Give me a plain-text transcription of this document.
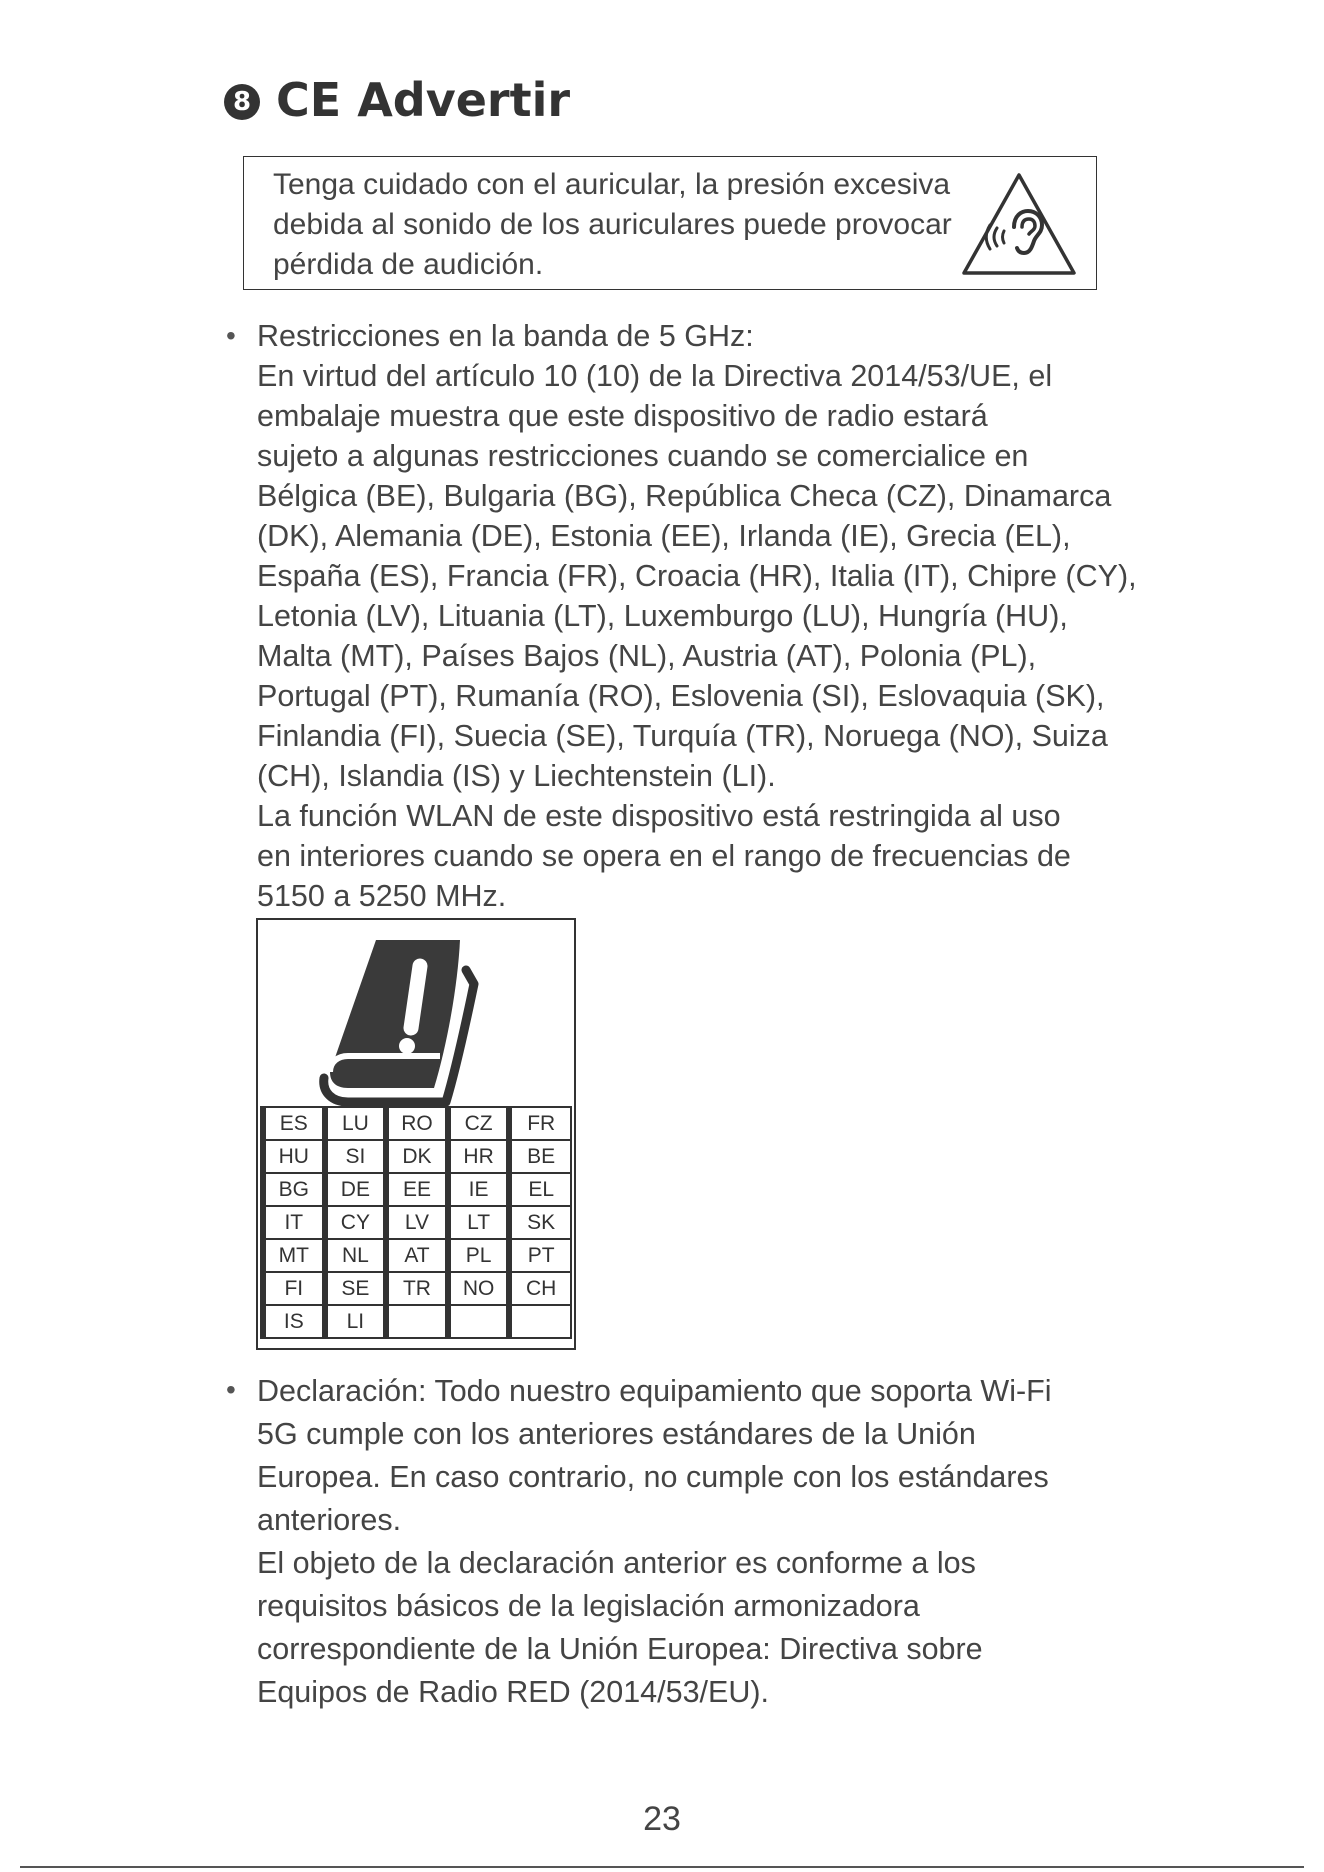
8 CE Advertir

Tenga cuidado con el auricular, la presión excesiva
debida al sonido de los auriculares puede provocar
pérdida de audición.

• Restricciones en la banda de 5 GHz:
En virtud del artículo 10 (10) de la Directiva 2014/53/UE, el
embalaje muestra que este dispositivo de radio estará
sujeto a algunas restricciones cuando se comercialice en
Bélgica (BE), Bulgaria (BG), República Checa (CZ), Dinamarca
(DK), Alemania (DE), Estonia (EE), Irlanda (IE), Grecia (EL),
España (ES), Francia (FR), Croacia (HR), Italia (IT), Chipre (CY),
Letonia (LV), Lituania (LT), Luxemburgo (LU), Hungría (HU),
Malta (MT), Países Bajos (NL), Austria (AT), Polonia (PL),
Portugal (PT), Rumanía (RO), Eslovenia (SI), Eslovaquia (SK),
Finlandia (FI), Suecia (SE), Turquía (TR), Noruega (NO), Suiza
(CH), Islandia (IS) y Liechtenstein (LI).
La función WLAN de este dispositivo está restringida al uso
en interiores cuando se opera en el rango de frecuencias de
5150 a 5250 MHz.

ES	LU	RO	CZ	FR
HU	SI	DK	HR	BE
BG	DE	EE	IE	EL
IT	CY	LV	LT	SK
MT	NL	AT	PL	PT
FI	SE	TR	NO	CH
IS	LI			
• Declaración: Todo nuestro equipamiento que soporta Wi-Fi
5G cumple con los anteriores estándares de la Unión
Europea. En caso contrario, no cumple con los estándares
anteriores.
El objeto de la declaración anterior es conforme a los
requisitos básicos de la legislación armonizadora
correspondiente de la Unión Europea: Directiva sobre
Equipos de Radio RED (2014/53/EU).

23
